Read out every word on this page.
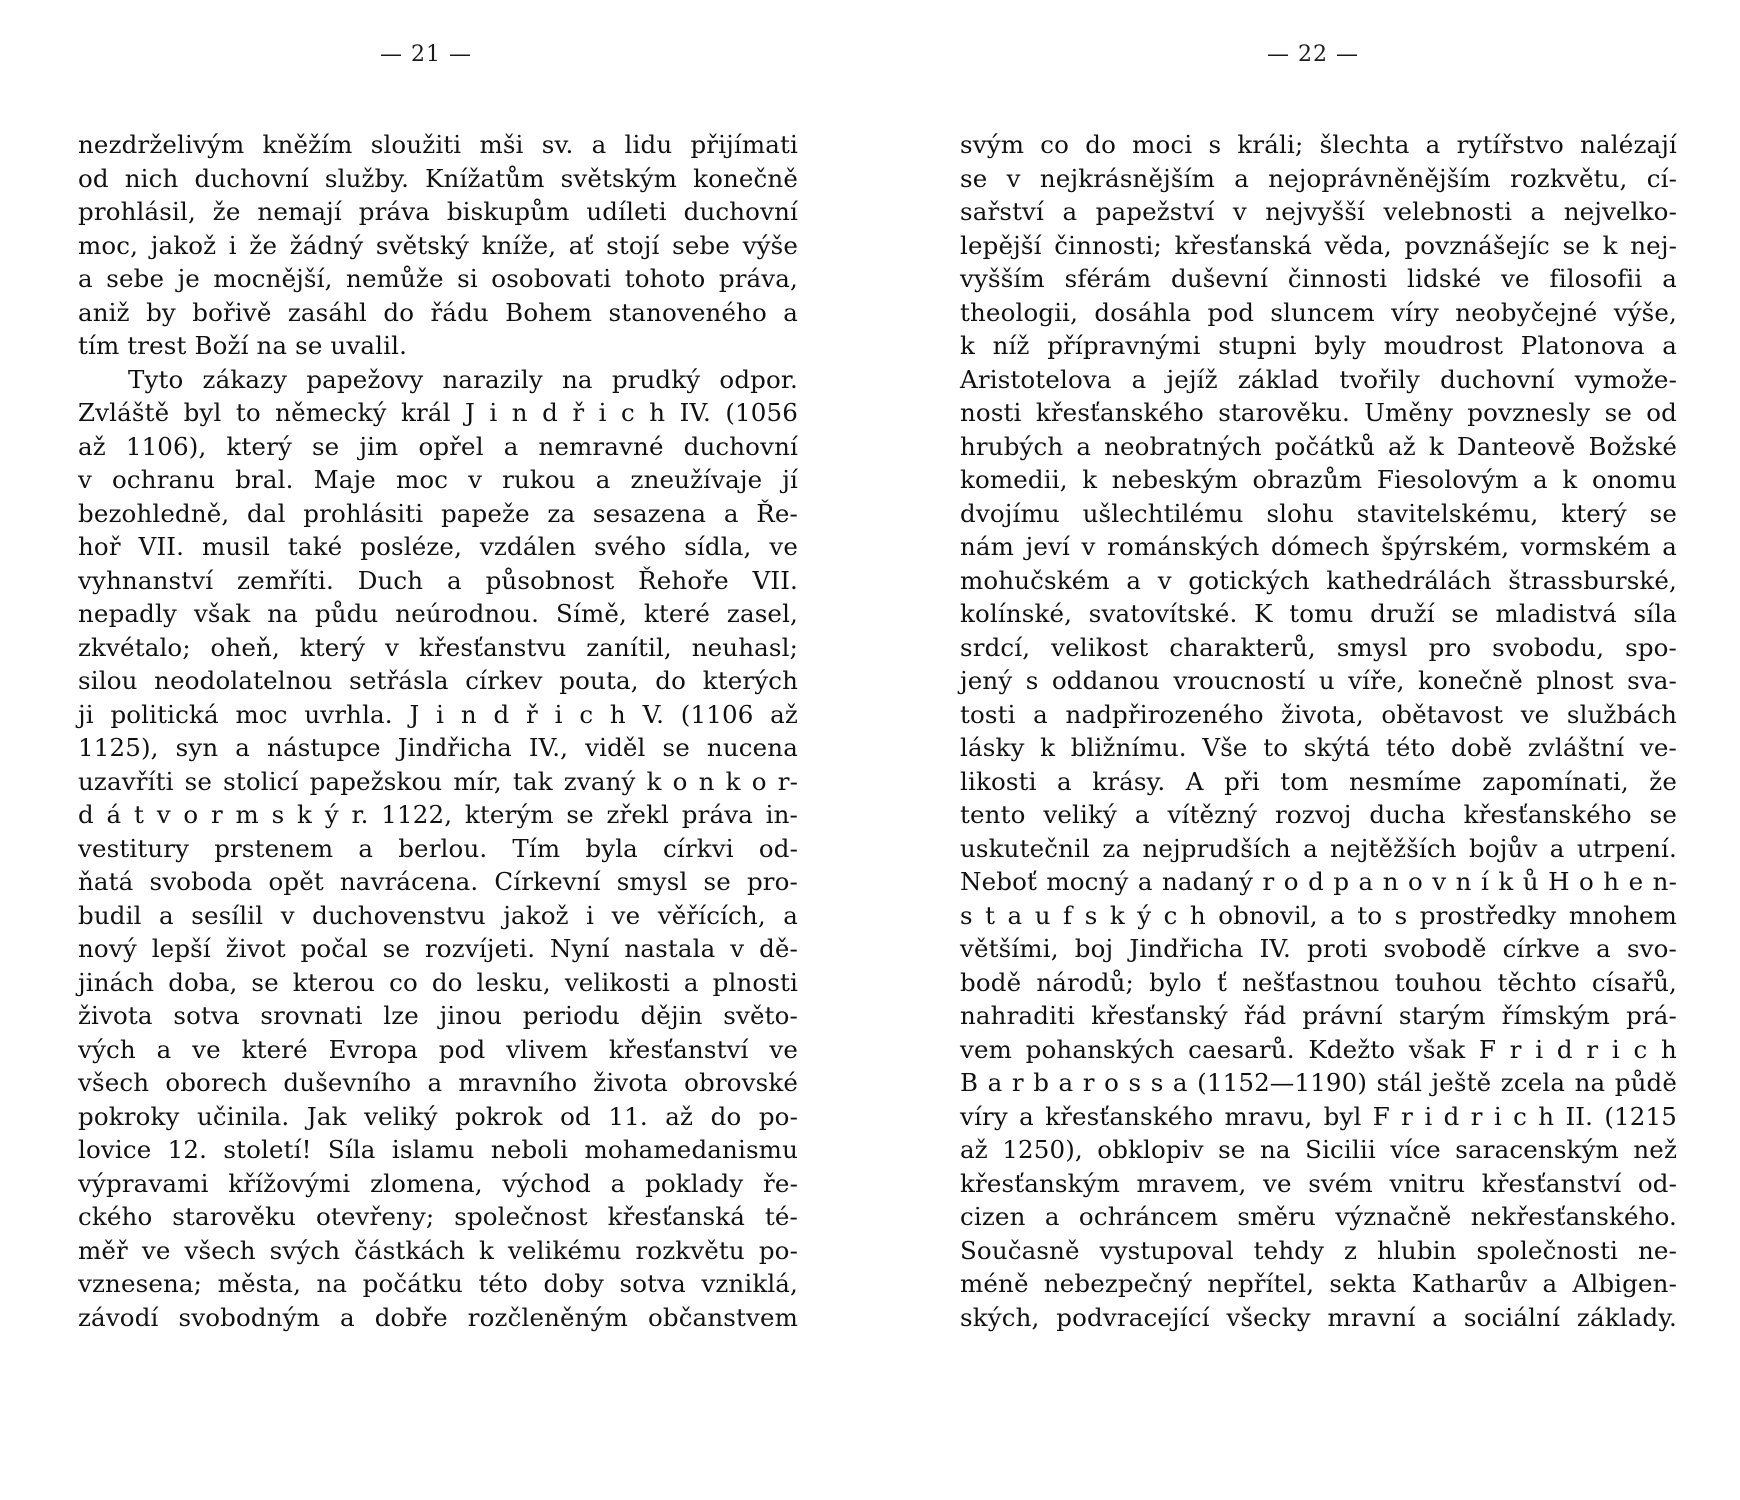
— 21 —
nezdrželivým kněžím sloužiti mši sv. a lidu přijímati
od nich duchovní služby. Knížatům světským konečně
prohlásil, že nemají práva biskupům udíleti duchovní
moc, jakož i že žádný světský kníže, ať stojí sebe výše
a sebe je mocnější, nemůže si osobovati tohoto práva,
aniž by bořivě zasáhl do řádu Bohem stanoveného a
tím trest Boží na se uvalil.
Tyto zákazy papežovy narazily na prudký odpor.
Zvláště byl to německý král J i n d ř i c h IV. (1056
až 1106), který se jim opřel a nemravné duchovní
v ochranu bral. Maje moc v rukou a zneužívaje jí
bezohledně, dal prohlásiti papeže za sesazena a Ře-
hoř VII. musil také posléze, vzdálen svého sídla, ve
vyhnanství zemříti. Duch a působnost Řehoře VII.
nepadly však na půdu neúrodnou. Símě, které zasel,
zkvétalo; oheň, který v křesťanstvu zanítil, neuhasl;
silou neodolatelnou setřásla církev pouta, do kterých
ji politická moc uvrhla. J i n d ř i c h V. (1106 až
1125), syn a nástupce Jindřicha IV., viděl se nucena
uzavříti se stolicí papežskou mír, tak zvaný k o n k o r-
d á t v o r m s k ý r. 1122, kterým se zřekl práva in-
vestitury prstenem a berlou. Tím byla církvi od-
ňatá svoboda opět navrácena. Církevní smysl se pro-
budil a sesílil v duchovenstvu jakož i ve věřících, a
nový lepší život počal se rozvíjeti. Nyní nastala v dě-
jinách doba, se kterou co do lesku, velikosti a plnosti
života sotva srovnati lze jinou periodu dějin světo-
vých a ve které Evropa pod vlivem křesťanství ve
všech oborech duševního a mravního života obrovské
pokroky učinila. Jak veliký pokrok od 11. až do po-
lovice 12. století! Síla islamu neboli mohamedanismu
výpravami křížovými zlomena, východ a poklady ře-
ckého starověku otevřeny; společnost křesťanská té-
měř ve všech svých částkách k velikému rozkvětu po-
vznesena; města, na počátku této doby sotva vzniklá,
závodí svobodným a dobře rozčleněným občanstvem
— 22 —
svým co do moci s králi; šlechta a rytířstvo nalézají
se v nejkrásnějším a nejoprávněnějším rozkvětu, cí-
sařství a papežství v nejvyšší velebnosti a nejvelko-
lepější činnosti; křesťanská věda, povznášejíc se k nej-
vyšším sférám duševní činnosti lidské ve filosofii a
theologii, dosáhla pod sluncem víry neobyčejné výše,
k níž přípravnými stupni byly moudrost Platonova a
Aristotelova a jejíž základ tvořily duchovní vymože-
nosti křesťanského starověku. Uměny povznesly se od
hrubých a neobratných počátků až k Danteově Božské
komedii, k nebeským obrazům Fiesolovým a k onomu
dvojímu ušlechtilému slohu stavitelskému, který se
nám jeví v románských dómech špýrském, vormském a
mohučském a v gotických kathedrálách štrassburské,
kolínské, svatovítské. K tomu druží se mladistvá síla
srdcí, velikost charakterů, smysl pro svobodu, spo-
jený s oddanou vroucností u víře, konečně plnost sva-
tosti a nadpřirozeného života, obětavost ve službách
lásky k bližnímu. Vše to skýtá této době zvláštní ve-
likosti a krásy. A při tom nesmíme zapomínati, že
tento veliký a vítězný rozvoj ducha křesťanského se
uskutečnil za nejprudších a nejtěžších bojův a utrpení.
Neboť mocný a nadaný r o d p a n o v n í k ů H o h e n-
s t a u f s k ý c h obnovil, a to s prostředky mnohem
většími, boj Jindřicha IV. proti svobodě církve a svo-
bodě národů; bylo ť nešťastnou touhou těchto císařů,
nahraditi křesťanský řád právní starým římským prá-
vem pohanských caesarů. Kdežto však F r i d r i c h
B a r b a r o s s a (1152—1190) stál ještě zcela na půdě
víry a křesťanského mravu, byl F r i d r i c h II. (1215
až 1250), obklopiv se na Sicilii více saracenským než
křesťanským mravem, ve svém vnitru křesťanství od-
cizen a ochráncem směru význačně nekřesťanského.
Současně vystupoval tehdy z hlubin společnosti ne-
méně nebezpečný nepřítel, sekta Katharův a Albigen-
ských, podvracející všecky mravní a sociální základy.
